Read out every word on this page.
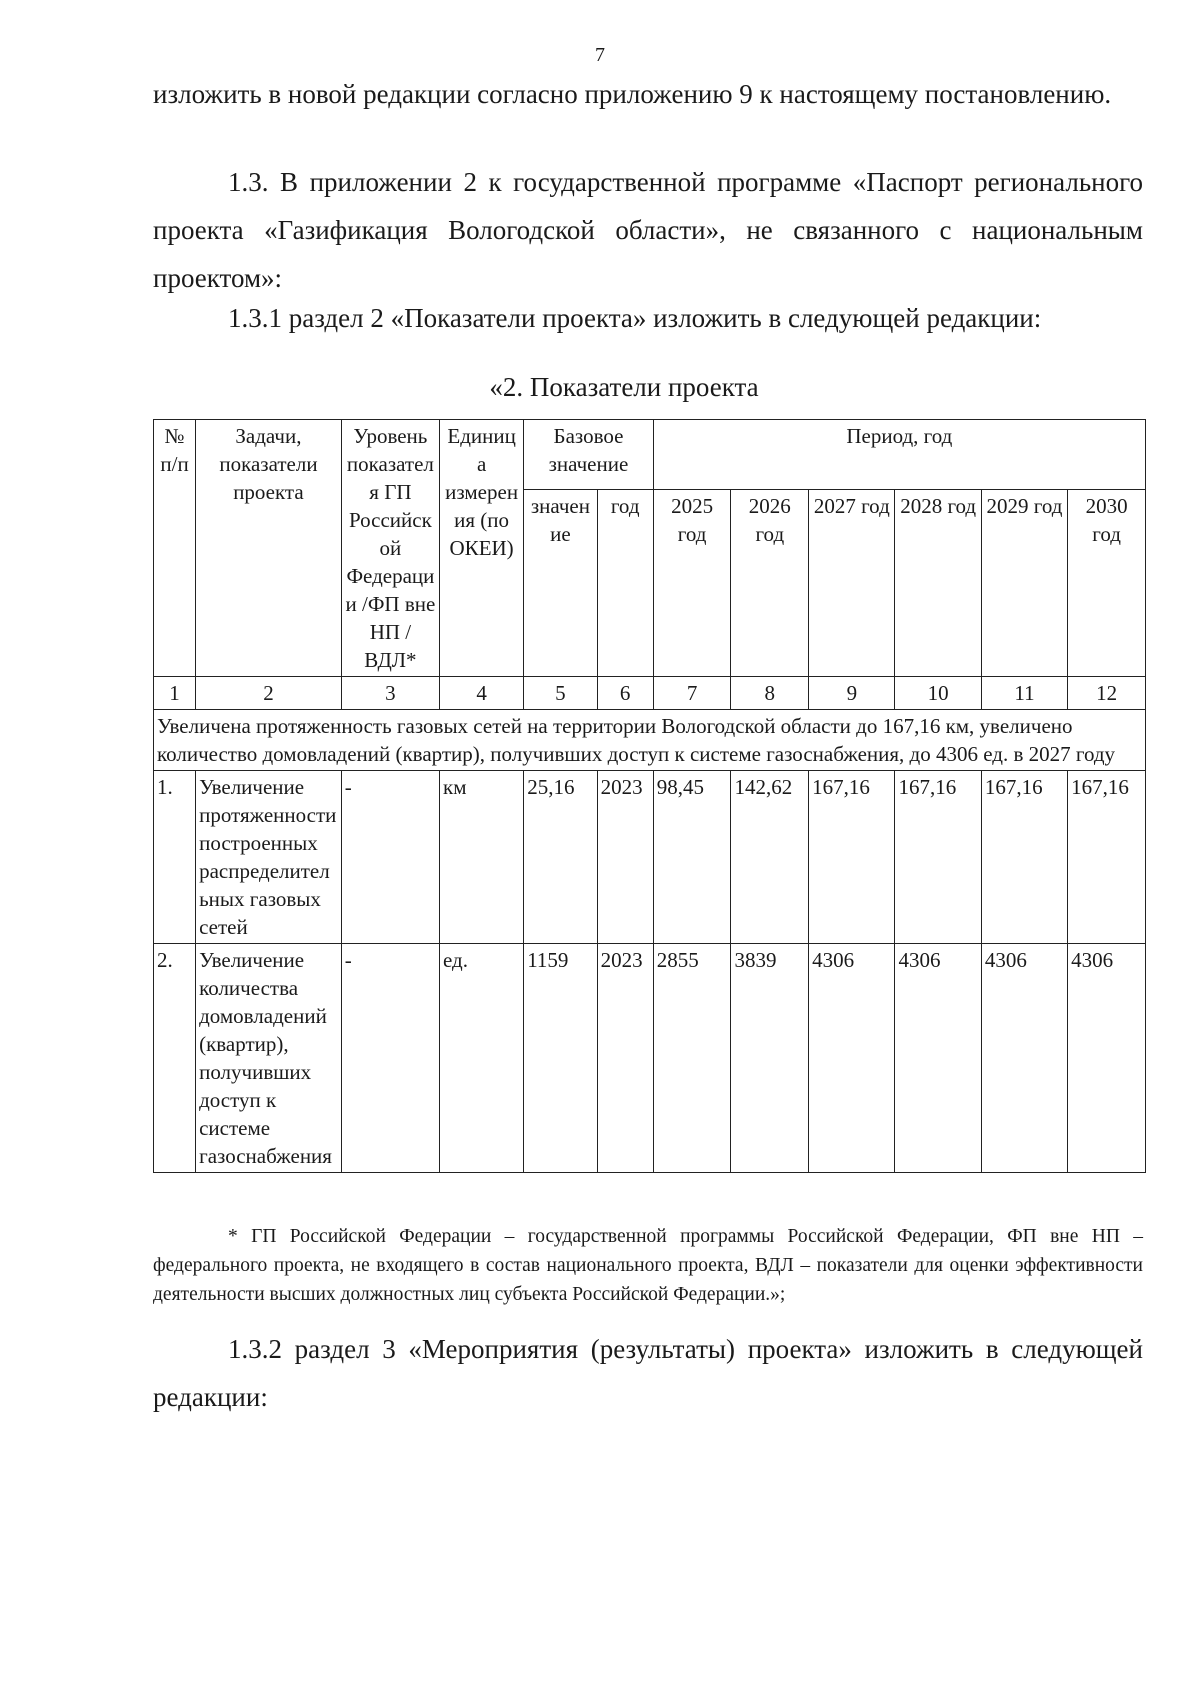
7
изложить в новой редакции согласно приложению 9 к настоящему постановлению.
1.3. В приложении 2 к государственной программе «Паспорт регионального проекта «Газификация Вологодской области», не связанного с национальным проектом»:
1.3.1 раздел 2 «Показатели проекта» изложить в следующей редакции:
«2. Показатели проекта
№ п/п	Задачи, показатели проекта	Уровень показателя ГП Российской Федерации /ФП вне НП / ВДЛ*	Единица измерения (по ОКЕИ)	Базовое значение		Период, год					
				значение	год	2025 год	2026 год	2027 год	2028 год	2029 год	2030 год
1	2	3	4	5	6	7	8	9	10	11	12
Увеличена протяженность газовых сетей на территории Вологодской области до 167,16 км, увеличено количество домовладений (квартир), получивших доступ к системе газоснабжения, до 4306 ед. в 2027 году											
1.	Увеличение протяженности построенных распределительных газовых сетей	-	км	25,16	2023	98,45	142,62	167,16	167,16	167,16	167,16
2.	Увеличение количества домовладений (квартир), получивших доступ к системе газоснабжения	-	ед.	1159	2023	2855	3839	4306	4306	4306	4306

* ГП Российской Федерации – государственной программы Российской Федерации, ФП вне НП – федерального проекта, не входящего в состав национального проекта, ВДЛ – показатели для оценки эффективности деятельности высших должностных лиц субъекта Российской Федерации.»;

1.3.2 раздел 3 «Мероприятия (результаты) проекта» изложить в следующей редакции:
